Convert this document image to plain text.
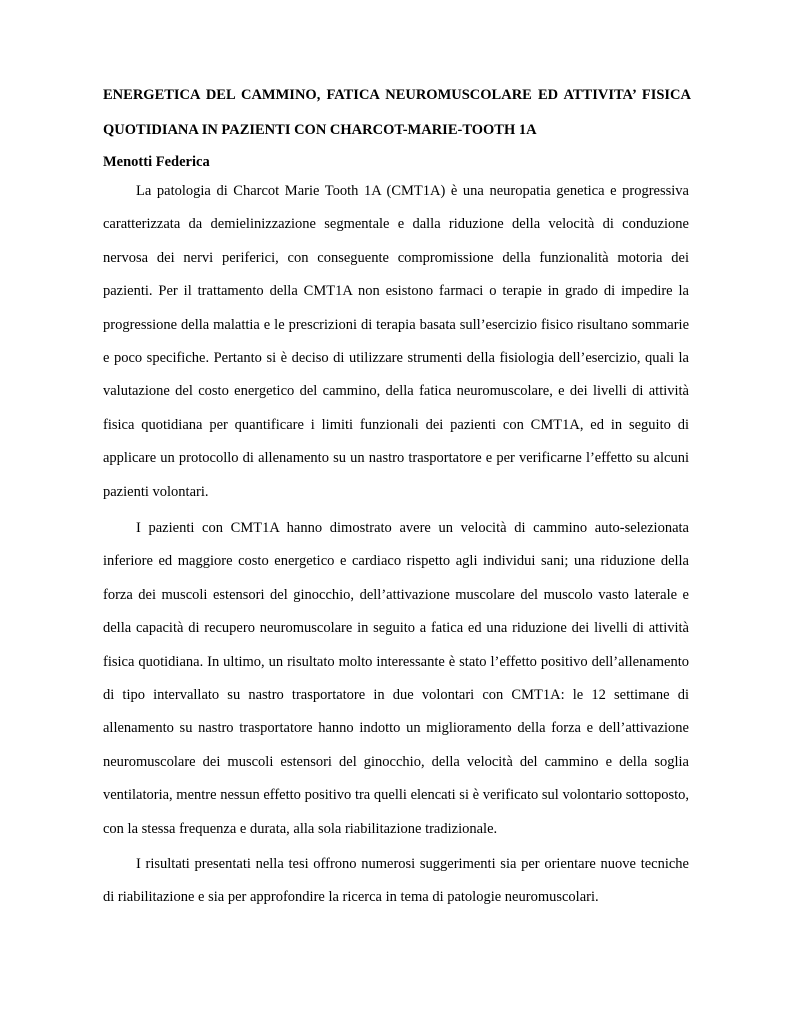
ENERGETICA DEL CAMMINO, FATICA NEUROMUSCOLARE ED ATTIVITA’ FISICA
QUOTIDIANA IN PAZIENTI CON CHARCOT-MARIE-TOOTH 1A
Menotti Federica

La patologia di Charcot Marie Tooth 1A (CMT1A) è una neuropatia genetica e progressiva caratterizzata da demielinizzazione segmentale e dalla riduzione della velocità di conduzione nervosa dei nervi periferici, con conseguente compromissione della funzionalità motoria dei pazienti. Per il trattamento della CMT1A non esistono farmaci o terapie in grado di impedire la progressione della malattia e le prescrizioni di terapia basata sull’esercizio fisico risultano sommarie e poco specifiche. Pertanto si è deciso di utilizzare strumenti della fisiologia dell’esercizio, quali la valutazione del costo energetico del cammino, della fatica neuromuscolare, e dei livelli di attività fisica quotidiana per quantificare i limiti funzionali dei pazienti con CMT1A, ed in seguito di applicare un protocollo di allenamento su un nastro trasportatore e per verificarne l’effetto su alcuni pazienti volontari.

I pazienti con CMT1A hanno dimostrato avere un velocità di cammino auto-selezionata inferiore ed maggiore costo energetico e cardiaco rispetto agli individui sani; una riduzione della forza dei muscoli estensori del ginocchio, dell’attivazione muscolare del muscolo vasto laterale e della capacità di recupero neuromuscolare in seguito a fatica ed una riduzione dei livelli di attività fisica quotidiana. In ultimo, un risultato molto interessante è stato l’effetto positivo dell’allenamento di tipo intervallato su nastro trasportatore in due volontari con CMT1A: le 12 settimane di allenamento su nastro trasportatore hanno indotto un miglioramento della forza e dell’attivazione neuromuscolare dei muscoli estensori del ginocchio, della velocità del cammino e della soglia ventilatoria, mentre nessun effetto positivo tra quelli elencati si è verificato sul volontario sottoposto, con la stessa frequenza e durata, alla sola riabilitazione tradizionale.

I risultati presentati nella tesi offrono numerosi suggerimenti sia per orientare nuove tecniche di riabilitazione e sia per approfondire la ricerca in tema di patologie neuromuscolari.
